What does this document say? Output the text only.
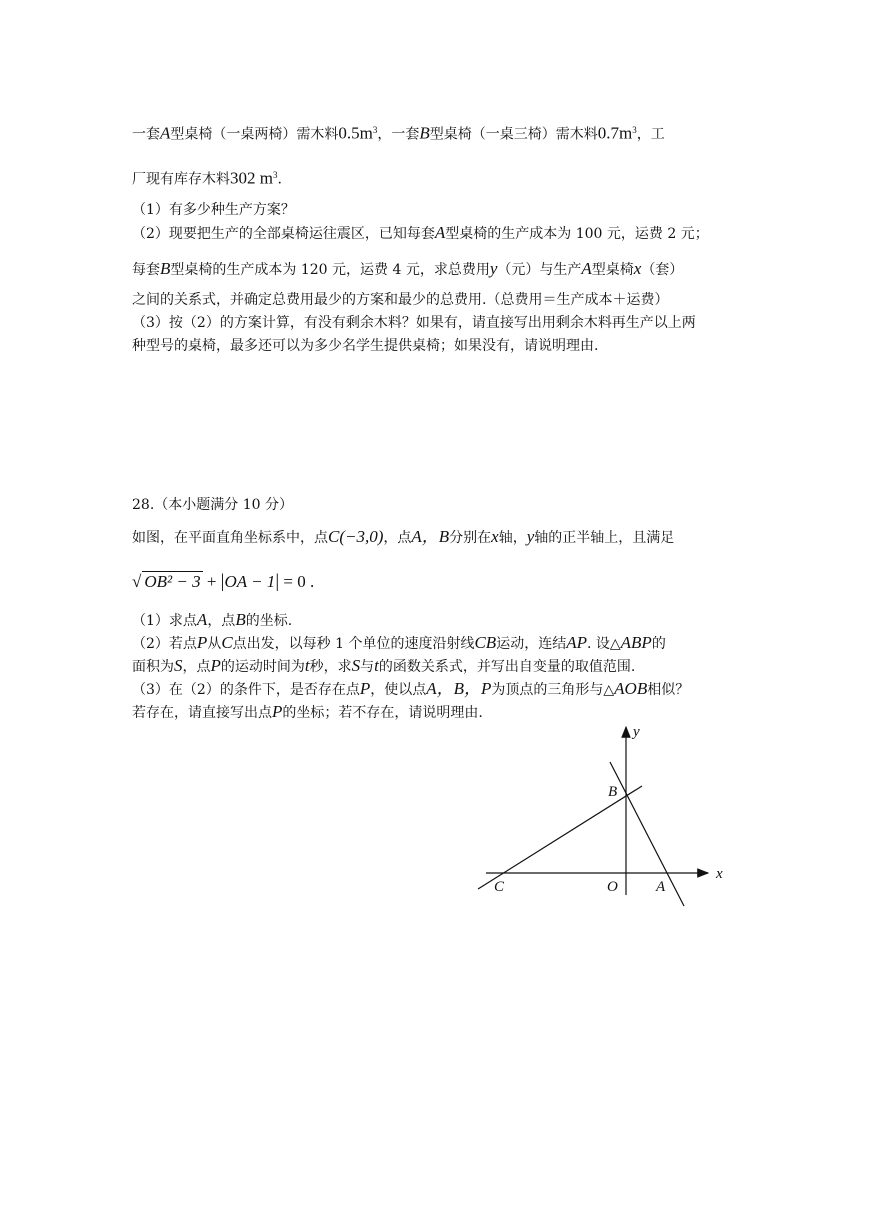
一套A型桌椅（一桌两椅）需木料$0.5m^3$，一套B型桌椅（一桌三椅）需木料$0.7m^3$，工
厂现有库存木料302 $m^3$.
（1）有多少种生产方案？
（2）现要把生产的全部桌椅运往震区，已知每套A型桌椅的生产成本为 100 元，运费 2 元；
每套B型桌椅的生产成本为 120 元，运费 4 元，求总费用y（元）与生产A型桌椅x（套）
之间的关系式，并确定总费用最少的方案和最少的总费用.（总费用＝生产成本＋运费）
（3）按（2）的方案计算，有没有剩余木料？如果有，请直接写出用剩余木料再生产以上两
种型号的桌椅，最多还可以为多少名学生提供桌椅；如果没有，请说明理由.
28.（本小题满分 10 分）
如图，在平面直角坐标系中，点C(−3,0)，点A，B分别在x轴，y轴的正半轴上，且满足
√ OB² − 3 + |OA − 1| = 0 .
（1）求点A，点B的坐标.
（2）若点P从C点出发，以每秒 1 个单位的速度沿射线CB运动，连结AP. 设△ABP的
面积为S，点P的运动时间为t秒，求S与t的函数关系式，并写出自变量的取值范围.
（3）在（2）的条件下，是否存在点P，使以点A，B，P为顶点的三角形与△AOB相似？
若存在，请直接写出点P的坐标；若不存在，请说明理由.
y
x
B
C	O	A
